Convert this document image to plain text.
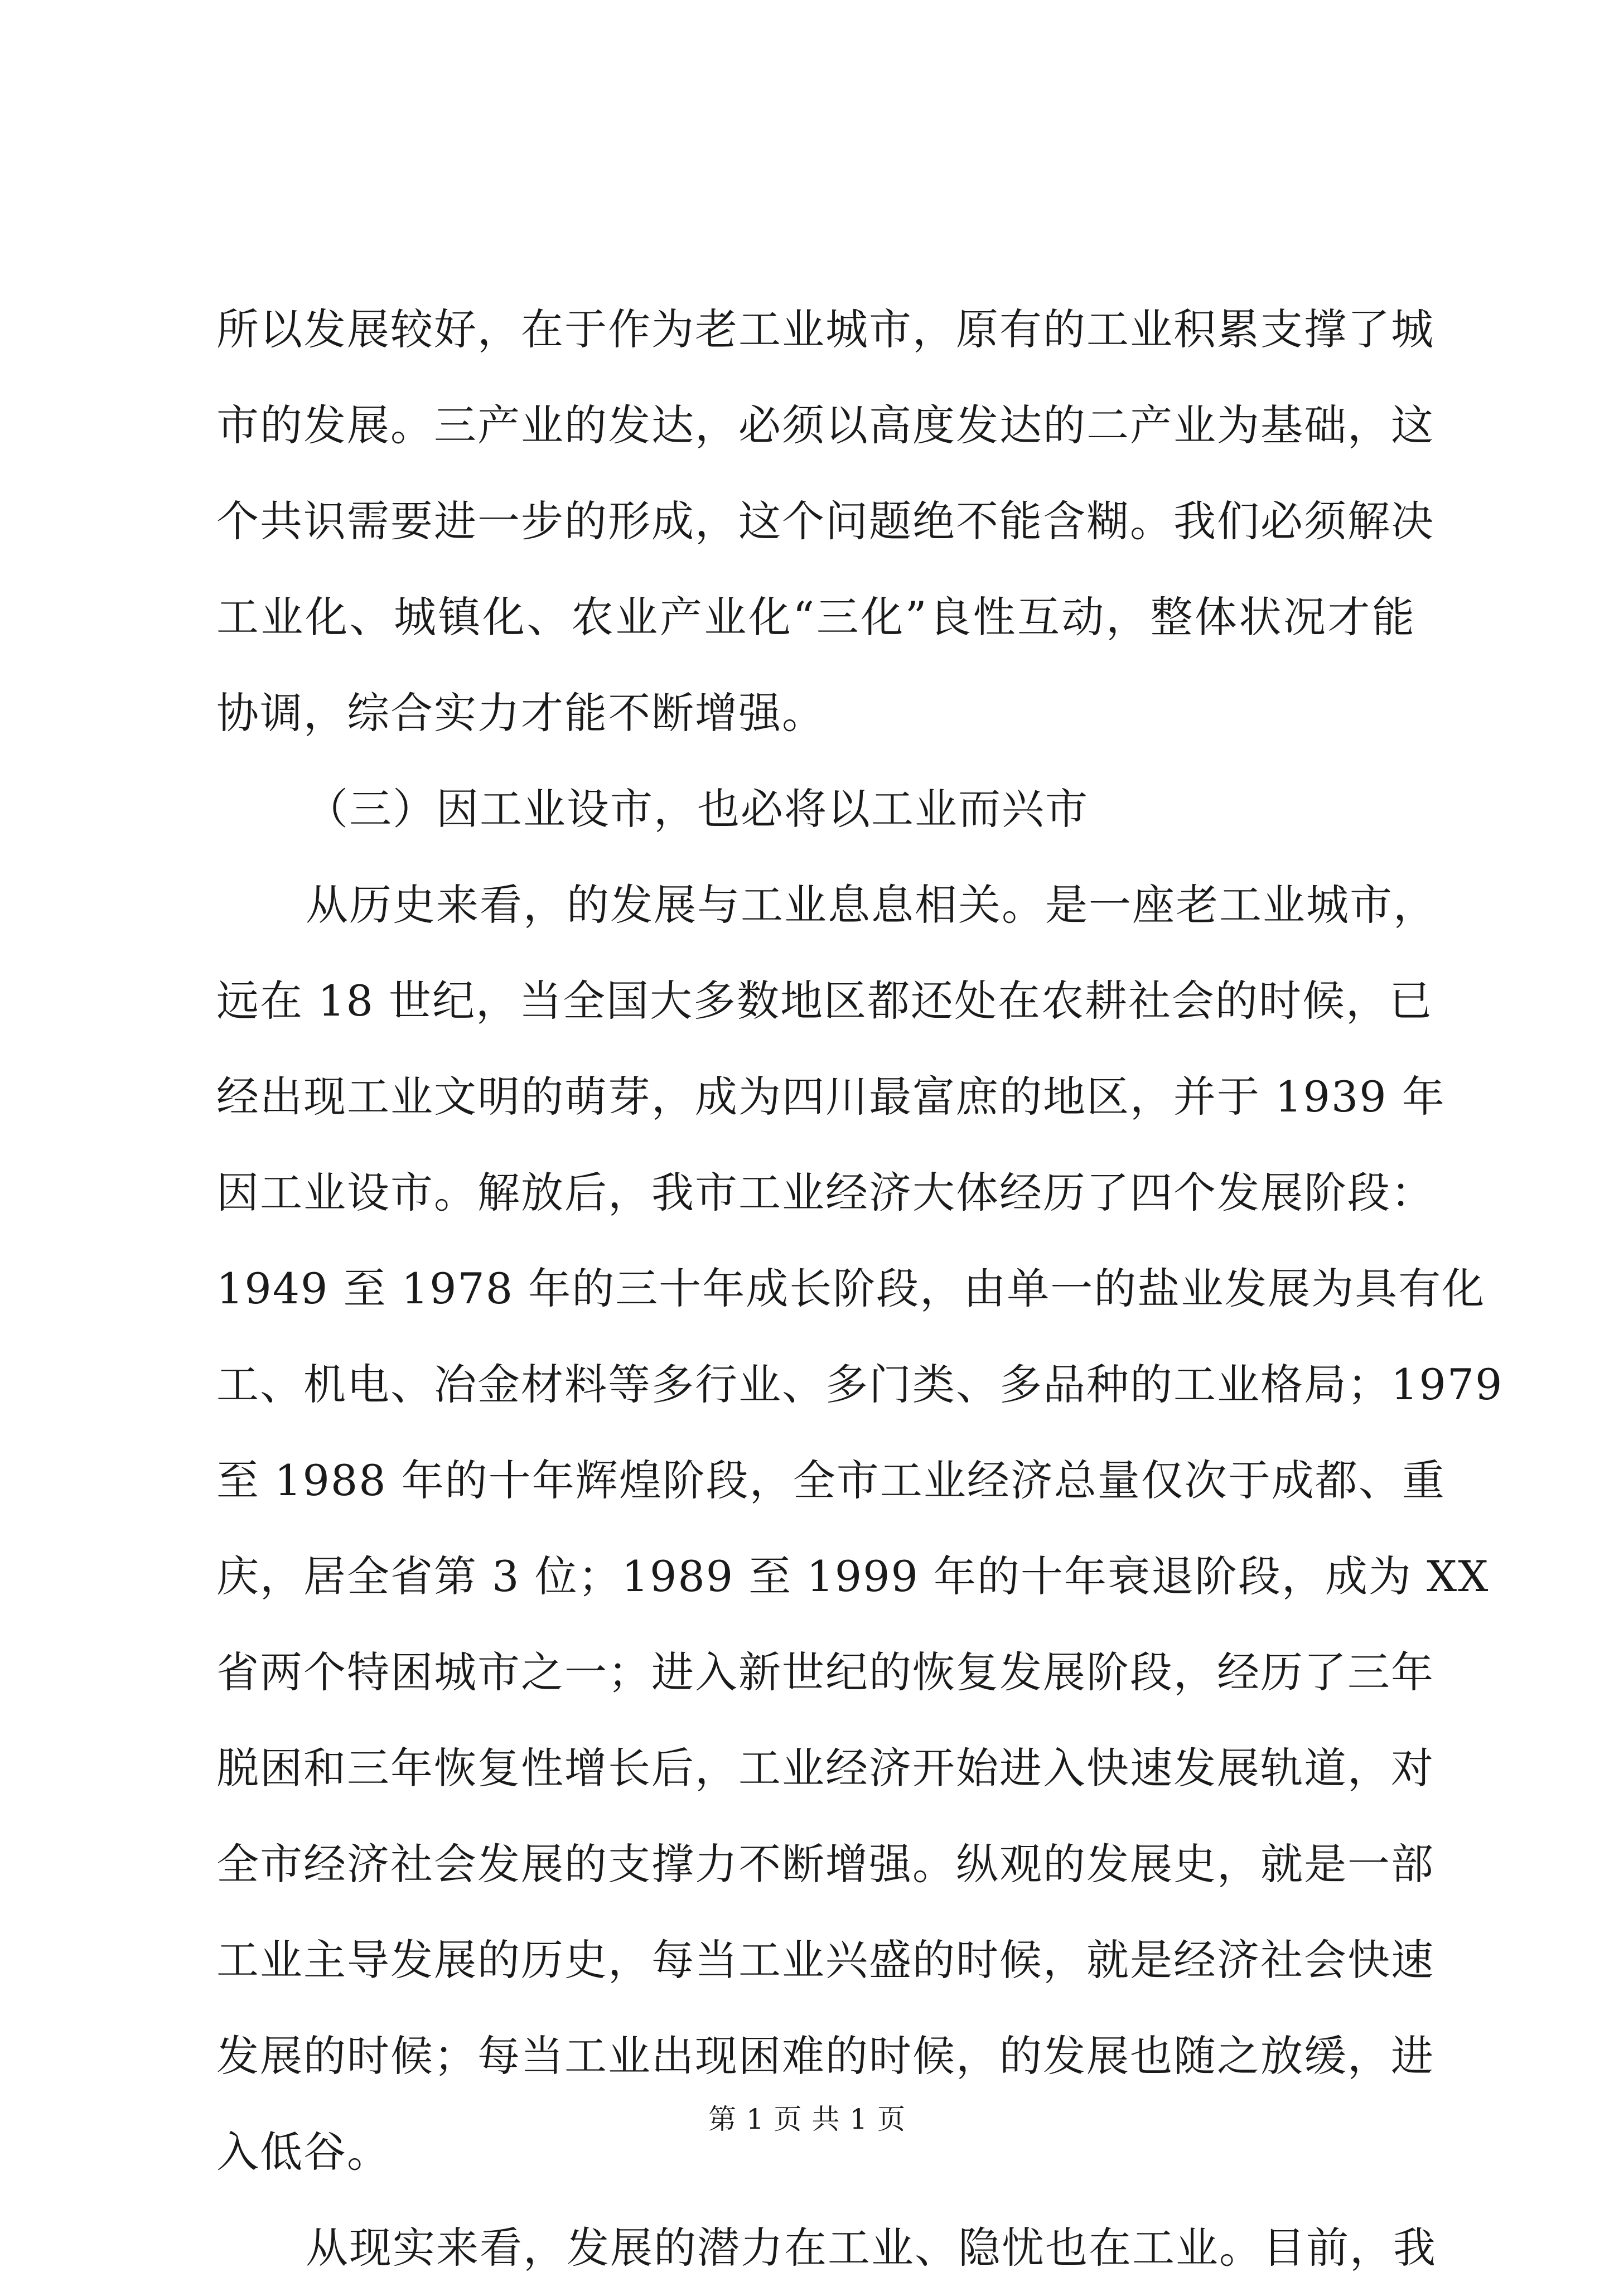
所以发展较好，在于作为老工业城市，原有的工业积累支撑了城
市的发展。三产业的发达，必须以高度发达的二产业为基础，这
个共识需要进一步的形成，这个问题绝不能含糊。我们必须解决
工业化、城镇化、农业产业化“三化”良性互动，整体状况才能
协调，综合实力才能不断增强。
（三）因工业设市，也必将以工业而兴市
从历史来看，的发展与工业息息相关。是一座老工业城市，
远在 18 世纪，当全国大多数地区都还处在农耕社会的时候，已
经出现工业文明的萌芽，成为四川最富庶的地区，并于 1939 年
因工业设市。解放后，我市工业经济大体经历了四个发展阶段：
1949 至 1978 年的三十年成长阶段，由单一的盐业发展为具有化
工、机电、冶金材料等多行业、多门类、多品种的工业格局；1979
至 1988 年的十年辉煌阶段，全市工业经济总量仅次于成都、重
庆，居全省第 3 位；1989 至 1999 年的十年衰退阶段，成为 XX
省两个特困城市之一；进入新世纪的恢复发展阶段，经历了三年
脱困和三年恢复性增长后，工业经济开始进入快速发展轨道，对
全市经济社会发展的支撑力不断增强。纵观的发展史，就是一部
工业主导发展的历史，每当工业兴盛的时候，就是经济社会快速
发展的时候；每当工业出现困难的时候，的发展也随之放缓，进
入低谷。
从现实来看，发展的潜力在工业、隐忧也在工业。目前，我
第 1 页 共 1 页
